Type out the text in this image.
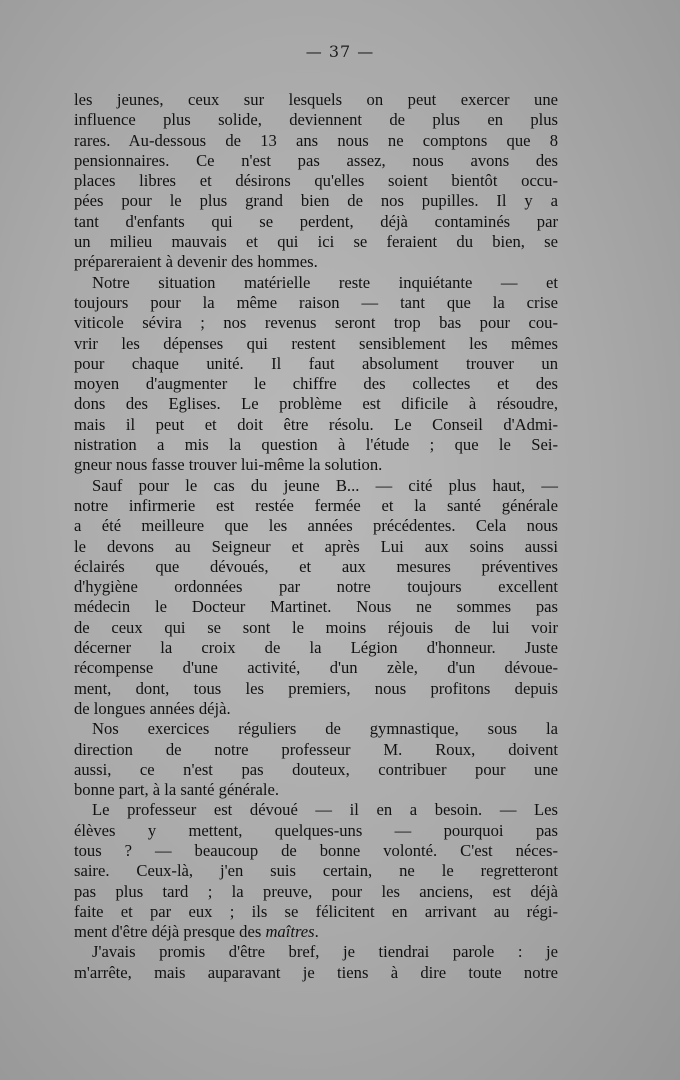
— 37 —
les jeunes, ceux sur lesquels on peut exercer une
influence plus solide, deviennent de plus en plus
rares. Au-dessous de 13 ans nous ne comptons que 8
pensionnaires. Ce n'est pas assez, nous avons des
places libres et désirons qu'elles soient bientôt occu-
pées pour le plus grand bien de nos pupilles. Il y a
tant d'enfants qui se perdent, déjà contaminés par
un milieu mauvais et qui ici se feraient du bien, se
prépareraient à devenir des hommes.
Notre situation matérielle reste inquiétante — et
toujours pour la même raison — tant que la crise
viticole sévira ; nos revenus seront trop bas pour cou-
vrir les dépenses qui restent sensiblement les mêmes
pour chaque unité. Il faut absolument trouver un
moyen d'augmenter le chiffre des collectes et des
dons des Eglises. Le problème est dificile à résoudre,
mais il peut et doit être résolu. Le Conseil d'Admi-
nistration a mis la question à l'étude ; que le Sei-
gneur nous fasse trouver lui-même la solution.
Sauf pour le cas du jeune B... — cité plus haut, —
notre infirmerie est restée fermée et la santé générale
a été meilleure que les années précédentes. Cela nous
le devons au Seigneur et après Lui aux soins aussi
éclairés que dévoués, et aux mesures préventives
d'hygiène ordonnées par notre toujours excellent
médecin le Docteur Martinet. Nous ne sommes pas
de ceux qui se sont le moins réjouis de lui voir
décerner la croix de la Légion d'honneur. Juste
récompense d'une activité, d'un zèle, d'un dévoue-
ment, dont, tous les premiers, nous profitons depuis
de longues années déjà.
Nos exercices réguliers de gymnastique, sous la
direction de notre professeur M. Roux, doivent
aussi, ce n'est pas douteux, contribuer pour une
bonne part, à la santé générale.
Le professeur est dévoué — il en a besoin. — Les
élèves y mettent, quelques-uns — pourquoi pas
tous ? — beaucoup de bonne volonté. C'est néces-
saire. Ceux-là, j'en suis certain, ne le regretteront
pas plus tard ; la preuve, pour les anciens, est déjà
faite et par eux ; ils se félicitent en arrivant au régi-
ment d'être déjà presque des maîtres.
J'avais promis d'être bref, je tiendrai parole : je
m'arrête, mais auparavant je tiens à dire toute notre
